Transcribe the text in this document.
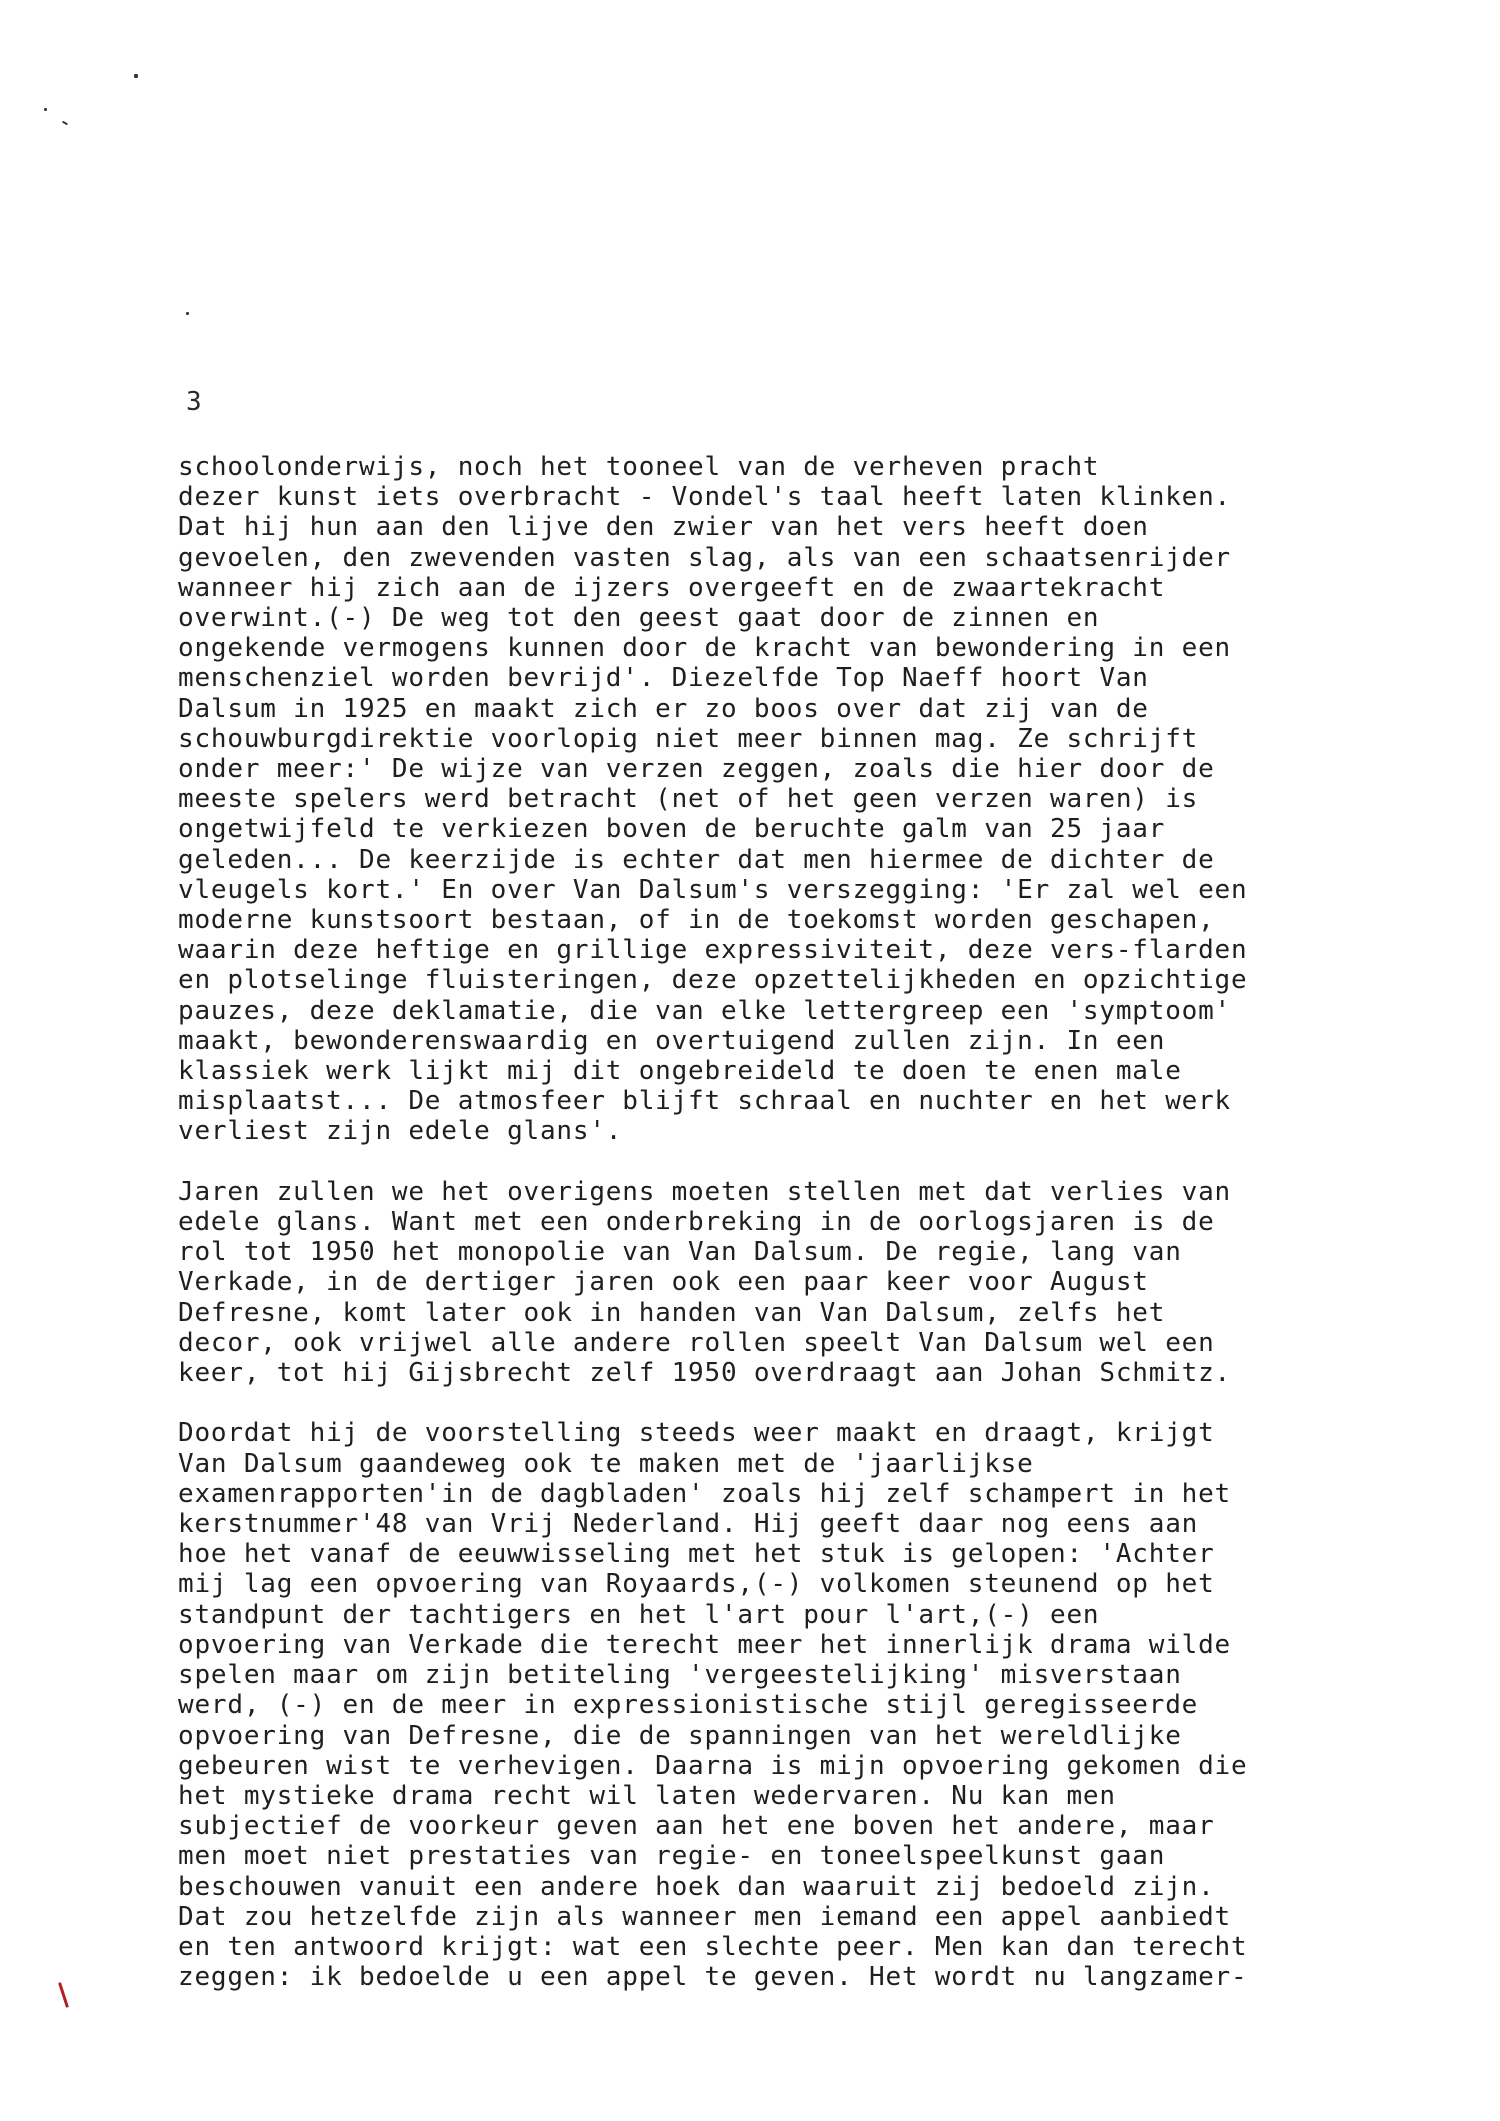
3
schoolonderwijs, noch het tooneel van de verheven pracht
dezer kunst iets overbracht - Vondel's taal heeft laten klinken.
Dat hij hun aan den lijve den zwier van het vers heeft doen
gevoelen, den zwevenden vasten slag, als van een schaatsenrijder
wanneer hij zich aan de ijzers overgeeft en de zwaartekracht
overwint.(-) De weg tot den geest gaat door de zinnen en
ongekende vermogens kunnen door de kracht van bewondering in een
menschenziel worden bevrijd'. Diezelfde Top Naeff hoort Van
Dalsum in 1925 en maakt zich er zo boos over dat zij van de
schouwburgdirektie voorlopig niet meer binnen mag. Ze schrijft
onder meer:' De wijze van verzen zeggen, zoals die hier door de
meeste spelers werd betracht (net of het geen verzen waren) is
ongetwijfeld te verkiezen boven de beruchte galm van 25 jaar
geleden... De keerzijde is echter dat men hiermee de dichter de
vleugels kort.' En over Van Dalsum's verszegging: 'Er zal wel een
moderne kunstsoort bestaan, of in de toekomst worden geschapen,
waarin deze heftige en grillige expressiviteit, deze vers-flarden
en plotselinge fluisteringen, deze opzettelijkheden en opzichtige
pauzes, deze deklamatie, die van elke lettergreep een 'symptoom'
maakt, bewonderenswaardig en overtuigend zullen zijn. In een
klassiek werk lijkt mij dit ongebreideld te doen te enen male
misplaatst... De atmosfeer blijft schraal en nuchter en het werk
verliest zijn edele glans'.
Jaren zullen we het overigens moeten stellen met dat verlies van
edele glans. Want met een onderbreking in de oorlogsjaren is de
rol tot 1950 het monopolie van Van Dalsum. De regie, lang van
Verkade, in de dertiger jaren ook een paar keer voor August
Defresne, komt later ook in handen van Van Dalsum, zelfs het
decor, ook vrijwel alle andere rollen speelt Van Dalsum wel een
keer, tot hij Gijsbrecht zelf 1950 overdraagt aan Johan Schmitz.
Doordat hij de voorstelling steeds weer maakt en draagt, krijgt
Van Dalsum gaandeweg ook te maken met de 'jaarlijkse
examenrapporten'in de dagbladen' zoals hij zelf schampert in het
kerstnummer'48 van Vrij Nederland. Hij geeft daar nog eens aan
hoe het vanaf de eeuwwisseling met het stuk is gelopen: 'Achter
mij lag een opvoering van Royaards,(-) volkomen steunend op het
standpunt der tachtigers en het l'art pour l'art,(-) een
opvoering van Verkade die terecht meer het innerlijk drama wilde
spelen maar om zijn betiteling 'vergeestelijking' misverstaan
werd, (-) en de meer in expressionistische stijl geregisseerde
opvoering van Defresne, die de spanningen van het wereldlijke
gebeuren wist te verhevigen. Daarna is mijn opvoering gekomen die
het mystieke drama recht wil laten wedervaren. Nu kan men
subjectief de voorkeur geven aan het ene boven het andere, maar
men moet niet prestaties van regie- en toneelspeelkunst gaan
beschouwen vanuit een andere hoek dan waaruit zij bedoeld zijn.
Dat zou hetzelfde zijn als wanneer men iemand een appel aanbiedt
en ten antwoord krijgt: wat een slechte peer. Men kan dan terecht
zeggen: ik bedoelde u een appel te geven. Het wordt nu langzamer-
